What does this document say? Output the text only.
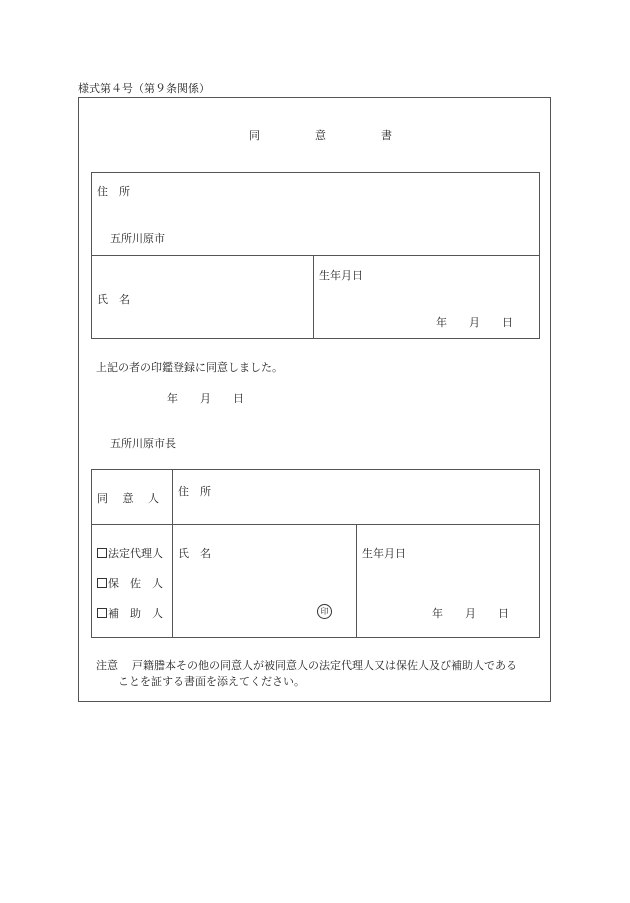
様式第４号（第９条関係）
同　　　　　意　　　　　書
住　所
五所川原市
氏　名
生年月日
年　　月　　日
上記の者の印鑑登録に同意しました。
年　　月　　日
五所川原市長
同　 意　 人
住　所
法定代理人
保　佐　人
補　助　人
氏　名
印
生年月日
年　　月　　日
注意 戸籍謄本その他の同意人が被同意人の法定代理人又は保佐人及び補助人である
ことを証する書面を添えてください。
